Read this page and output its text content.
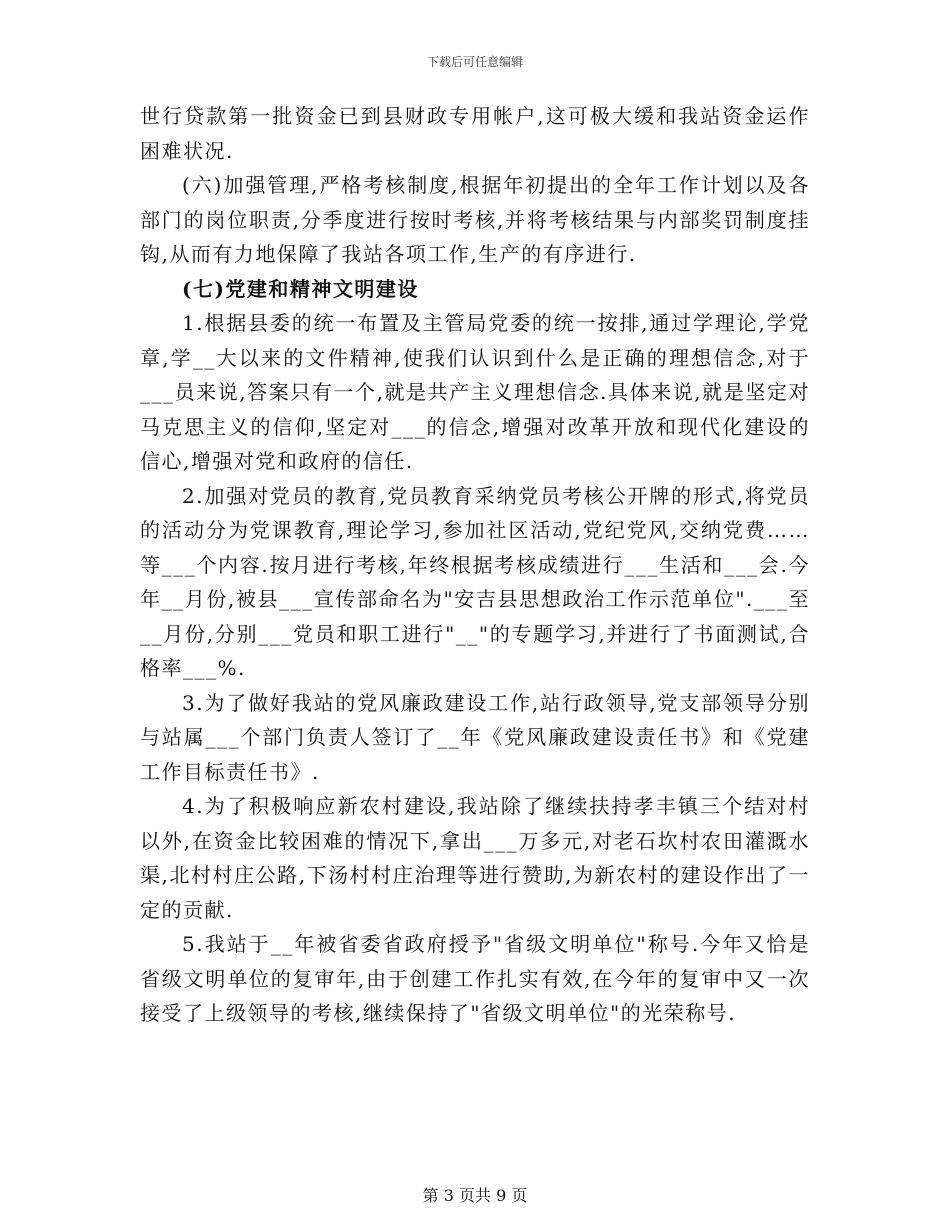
下载后可任意编辑

世行贷款第一批资金已到县财政专用帐户,这可极大缓和我站资金运作困难状况.

(六)加强管理,严格考核制度,根据年初提出的全年工作计划以及各部门的岗位职责,分季度进行按时考核,并将考核结果与内部奖罚制度挂钩,从而有力地保障了我站各项工作,生产的有序进行.

(七)党建和精神文明建设

1.根据县委的统一布置及主管局党委的统一按排,通过学理论,学党章,学__大以来的文件精神,使我们认识到什么是正确的理想信念,对于___员来说,答案只有一个,就是共产主义理想信念.具体来说,就是坚定对马克思主义的信仰,坚定对___的信念,增强对改革开放和现代化建设的信心,增强对党和政府的信任.

2.加强对党员的教育,党员教育采纳党员考核公开牌的形式,将党员的活动分为党课教育,理论学习,参加社区活动,党纪党风,交纳党费……等___个内容.按月进行考核,年终根据考核成绩进行___生活和___会.今年__月份,被县___宣传部命名为"安吉县思想政治工作示范单位".___至__月份,分别___党员和职工进行"__"的专题学习,并进行了书面测试,合格率___%.

3.为了做好我站的党风廉政建设工作,站行政领导,党支部领导分别与站属___个部门负责人签订了__年《党风廉政建设责任书》和《党建工作目标责任书》.

4.为了积极响应新农村建设,我站除了继续扶持孝丰镇三个结对村以外,在资金比较困难的情况下,拿出___万多元,对老石坎村农田灌溉水渠,北村村庄公路,下汤村村庄治理等进行赞助,为新农村的建设作出了一定的贡献.

5.我站于__年被省委省政府授予"省级文明单位"称号.今年又恰是省级文明单位的复审年,由于创建工作扎实有效,在今年的复审中又一次接受了上级领导的考核,继续保持了"省级文明单位"的光荣称号.

第 3 页共 9 页
